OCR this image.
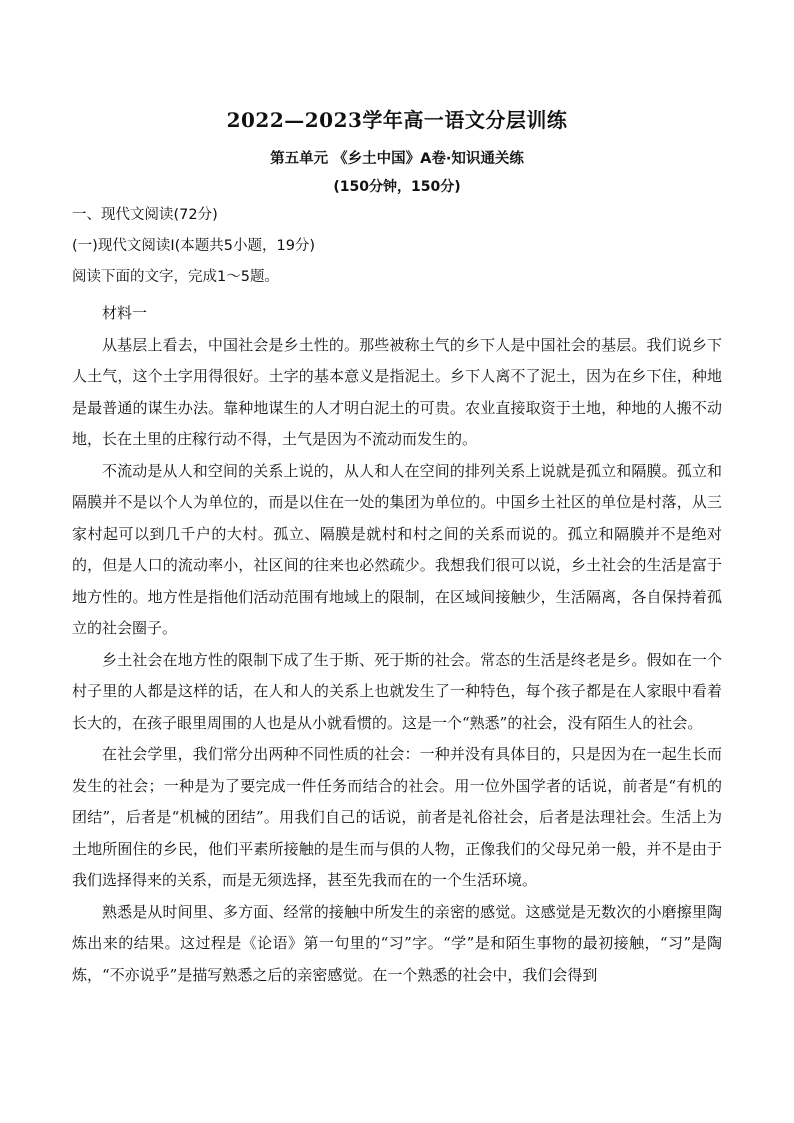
2022—2023学年高一语文分层训练
第五单元 《乡土中国》A卷·知识通关练
(150分钟，150分)
一、现代文阅读(72分)
(一)现代文阅读Ⅰ(本题共5小题，19分)
阅读下面的文字，完成1～5题。

材料一

从基层上看去，中国社会是乡土性的。那些被称土气的乡下人是中国社会的基层。我们说乡下人土气，这个土字用得很好。土字的基本意义是指泥土。乡下人离不了泥土，因为在乡下住，种地是最普通的谋生办法。靠种地谋生的人才明白泥土的可贵。农业直接取资于土地，种地的人搬不动地，长在土里的庄稼行动不得，土气是因为不流动而发生的。

不流动是从人和空间的关系上说的，从人和人在空间的排列关系上说就是孤立和隔膜。孤立和隔膜并不是以个人为单位的，而是以住在一处的集团为单位的。中国乡土社区的单位是村落，从三家村起可以到几千户的大村。孤立、隔膜是就村和村之间的关系而说的。孤立和隔膜并不是绝对的，但是人口的流动率小，社区间的往来也必然疏少。我想我们很可以说，乡土社会的生活是富于地方性的。地方性是指他们活动范围有地域上的限制，在区域间接触少，生活隔离，各自保持着孤立的社会圈子。

乡土社会在地方性的限制下成了生于斯、死于斯的社会。常态的生活是终老是乡。假如在一个村子里的人都是这样的话，在人和人的关系上也就发生了一种特色，每个孩子都是在人家眼中看着长大的，在孩子眼里周围的人也是从小就看惯的。这是一个“熟悉”的社会，没有陌生人的社会。

在社会学里，我们常分出两种不同性质的社会：一种并没有具体目的，只是因为在一起生长而发生的社会；一种是为了要完成一件任务而结合的社会。用一位外国学者的话说，前者是“有机的团结”，后者是“机械的团结”。用我们自己的话说，前者是礼俗社会，后者是法理社会。生活上为土地所囿住的乡民，他们平素所接触的是生而与俱的人物，正像我们的父母兄弟一般，并不是由于我们选择得来的关系，而是无须选择，甚至先我而在的一个生活环境。

熟悉是从时间里、多方面、经常的接触中所发生的亲密的感觉。这感觉是无数次的小磨擦里陶炼出来的结果。这过程是《论语》第一句里的“习”字。“学”是和陌生事物的最初接触，“习”是陶炼，“不亦说乎”是描写熟悉之后的亲密感觉。在一个熟悉的社会中，我们会得到
